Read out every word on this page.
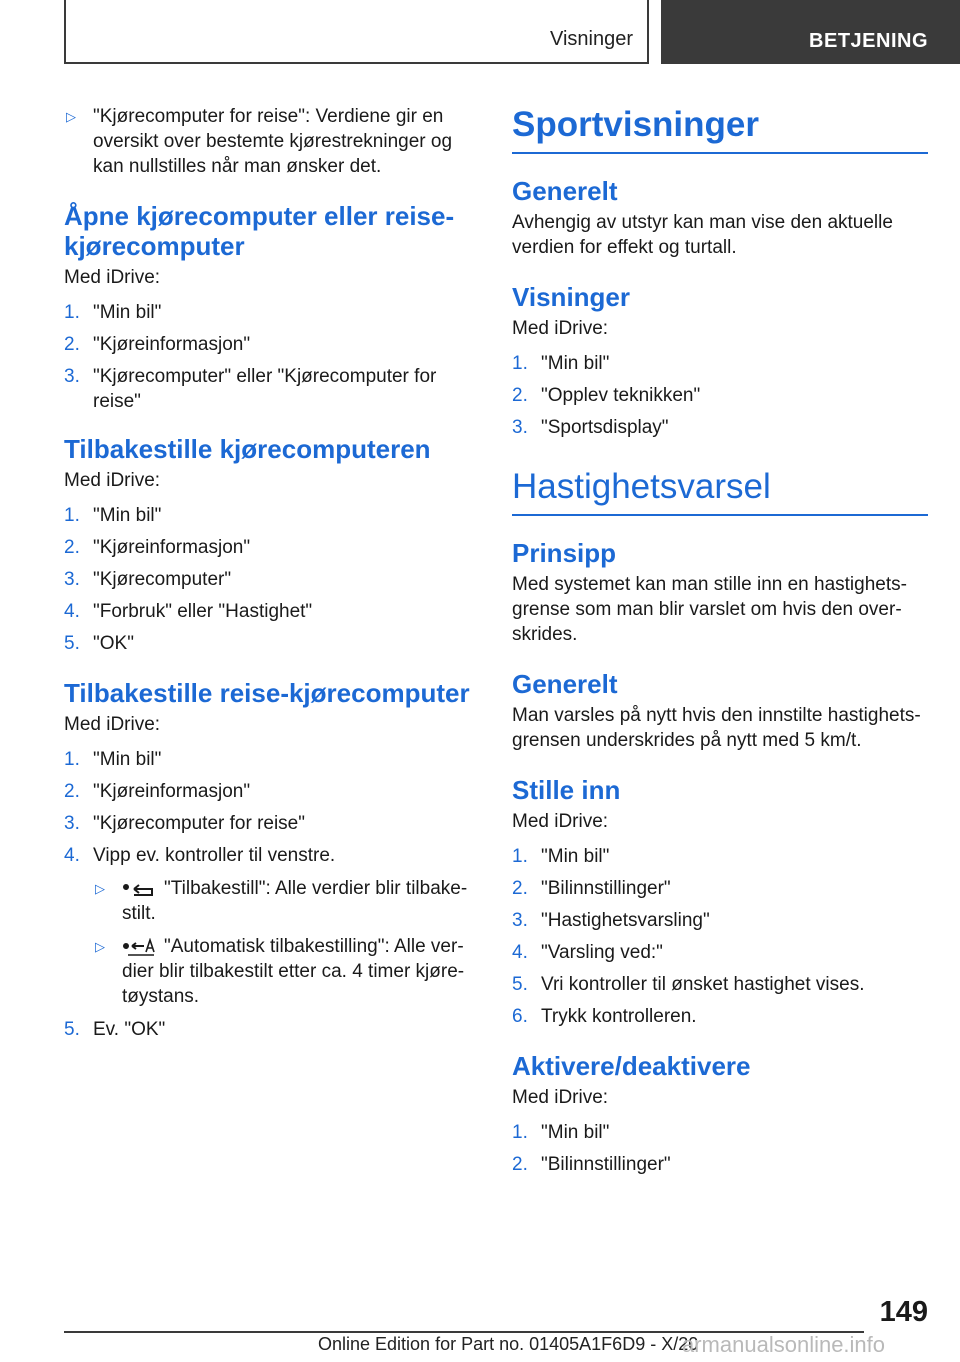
Visninger	BETJENING
▷ "Kjørecomputer for reise": Verdiene gir en oversikt over bestemte kjørestrekninger og kan nullstilles når man ønsker det.
Åpne kjørecomputer eller reise-kjørecomputer

Med iDrive:

1. "Min bil"
2. "Kjøreinformasjon"
3. "Kjørecomputer" eller "Kjørecomputer for reise"
Tilbakestille kjørecomputeren

Med iDrive:

1. "Min bil"
2. "Kjøreinformasjon"
3. "Kjørecomputer"
4. "Forbruk" eller "Hastighet"
5. "OK"
Tilbakestille reise-kjørecomputer

Med iDrive:

1. "Min bil"
2. "Kjøreinformasjon"
3. "Kjørecomputer for reise"
4. Vipp ev. kontroller til venstre.
▷	"Tilbakestill": Alle verdier blir tilbake-stilt.
▷	"Automatisk tilbakestilling": Alle ver-dier blir tilbakestilt etter ca. 4 timer kjøre-tøystans.
5. Ev. "OK"
Sportvisninger
Generelt

Avhengig av utstyr kan man vise den aktuelle verdien for effekt og turtall.

Visninger

Med iDrive:

1. "Min bil"
2. "Opplev teknikken"
3. "Sportsdisplay"
Hastighetsvarsel
Prinsipp

Med systemet kan man stille inn en hastighets-grense som man blir varslet om hvis den over-skrides.

Generelt

Man varsles på nytt hvis den innstilte hastighets-grensen underskrides på nytt med 5 km/t.

Stille inn

Med iDrive:

1. "Min bil"
2. "Bilinnstillinger"
3. "Hastighetsvarsling"
4. "Varsling ved:"
5. Vri kontroller til ønsket hastighet vises.
6. Trykk kontrolleren.
Aktivere/deaktivere

Med iDrive:

1. "Min bil"
2. "Bilinnstillinger"
149
Online Edition for Part no. 01405A1F6D9 - X/20
armanualsonline.info
